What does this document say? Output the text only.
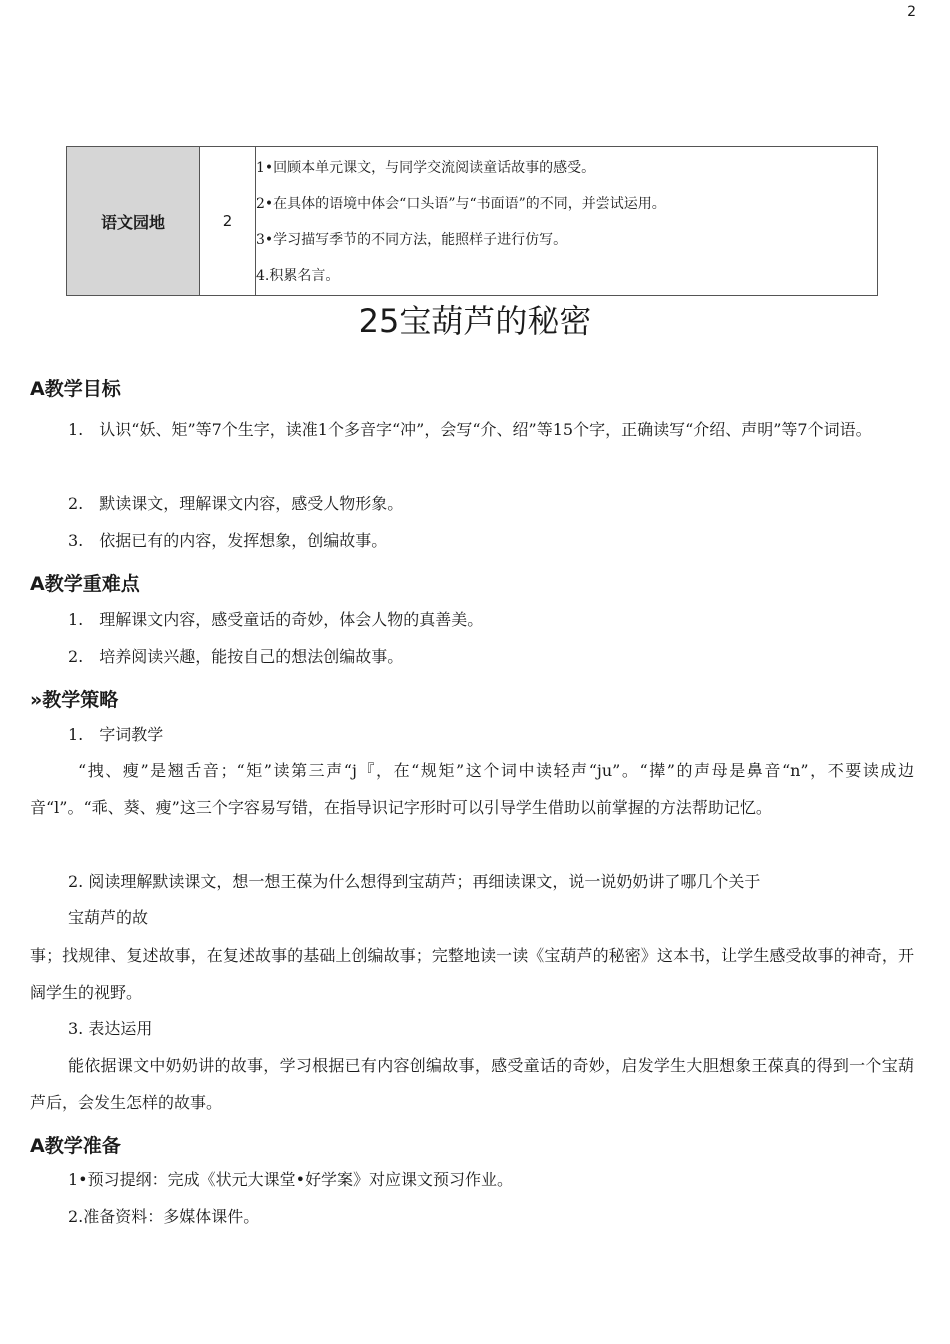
2
语文园地	2	
1•回顾本单元课文，与同学交流阅读童话故事的感受。
2•在具体的语境中体会“口头语”与“书面语”的不同，并尝试运用。
3•学习描写季节的不同方法，能照样子进行仿写。
4.积累名言。
25宝葫芦的秘密
A教学目标
1.　认识“妖、矩”等7个生字，读准1个多音字“冲”，会写“介、绍”等15个字，正确读写“介绍、声明”等7个词语。
2.　默读课文，理解课文内容，感受人物形象。
3.　依据已有的内容，发挥想象，创编故事。
A教学重难点
1.　理解课文内容，感受童话的奇妙，体会人物的真善美。
2.　培养阅读兴趣，能按自己的想法创编故事。
»教学策略
1.　字词教学
“拽、瘦”是翘舌音；“矩”读第三声“j『，在“规矩”这个词中读轻声“ju”。“撵”的声母是鼻音“n”，不要读成边音“l”。“乖、葵、瘦”这三个字容易写错，在指导识记字形时可以引导学生借助以前掌握的方法帮助记忆。
2. 阅读理解默读课文，想一想王葆为什么想得到宝葫芦；再细读课文，说一说奶奶讲了哪几个关于
宝葫芦的故
事；找规律、复述故事，在复述故事的基础上创编故事；完整地读一读《宝葫芦的秘密》这本书，让学生感受故事的神奇，开阔学生的视野。
3. 表达运用
能依据课文中奶奶讲的故事，学习根据已有内容创编故事，感受童话的奇妙，启发学生大胆想象王葆真的得到一个宝葫芦后，会发生怎样的故事。
A教学准备
1•预习提纲：完成《状元大课堂•好学案》对应课文预习作业。
2.准备资料：多媒体课件。
